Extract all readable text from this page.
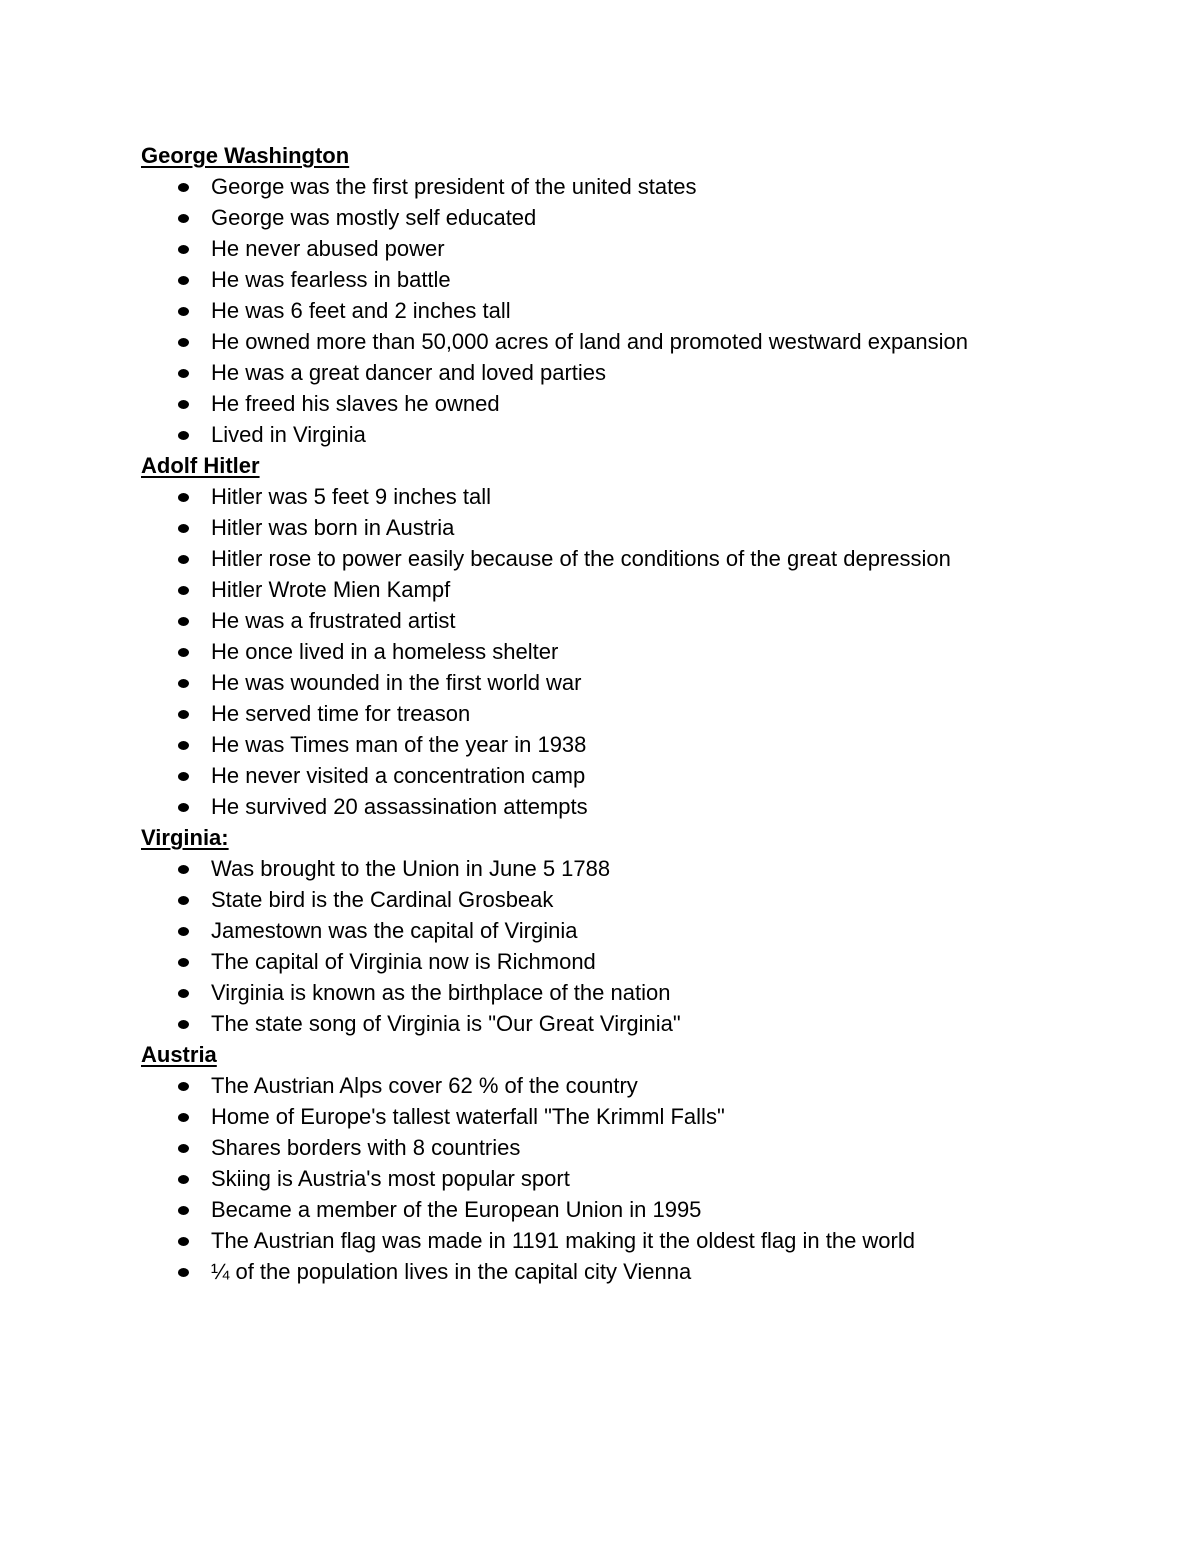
George Washington
George was the first president of the united states
George was mostly self educated
He never abused power
He was fearless in battle
He was 6 feet and 2 inches tall
He owned more than 50,000 acres of land and promoted westward expansion
He was a great dancer and loved parties
He freed his slaves he owned
Lived in Virginia
Adolf Hitler
Hitler was 5 feet 9 inches tall
Hitler was born in Austria
Hitler rose to power easily because of the conditions of the great depression
Hitler Wrote Mien Kampf
He was a frustrated artist
He once lived in a homeless shelter
He was wounded in the first world war
He served time for treason
He was Times man of the year in 1938
He never visited a concentration camp
He survived 20 assassination attempts
Virginia:
Was brought to the Union in June 5 1788
State bird is the Cardinal Grosbeak
Jamestown was the capital of Virginia
The capital of Virginia now is Richmond
Virginia is known as the birthplace of the nation
The state song of Virginia is "Our Great Virginia"
Austria
The Austrian Alps cover 62 % of the country
Home of Europe's tallest waterfall "The Krimml Falls"
Shares borders with 8 countries
Skiing is Austria's most popular sport
Became a member of the European Union in 1995
The Austrian flag was made in 1191 making it the oldest flag in the world
¼ of the population lives in the capital city Vienna
